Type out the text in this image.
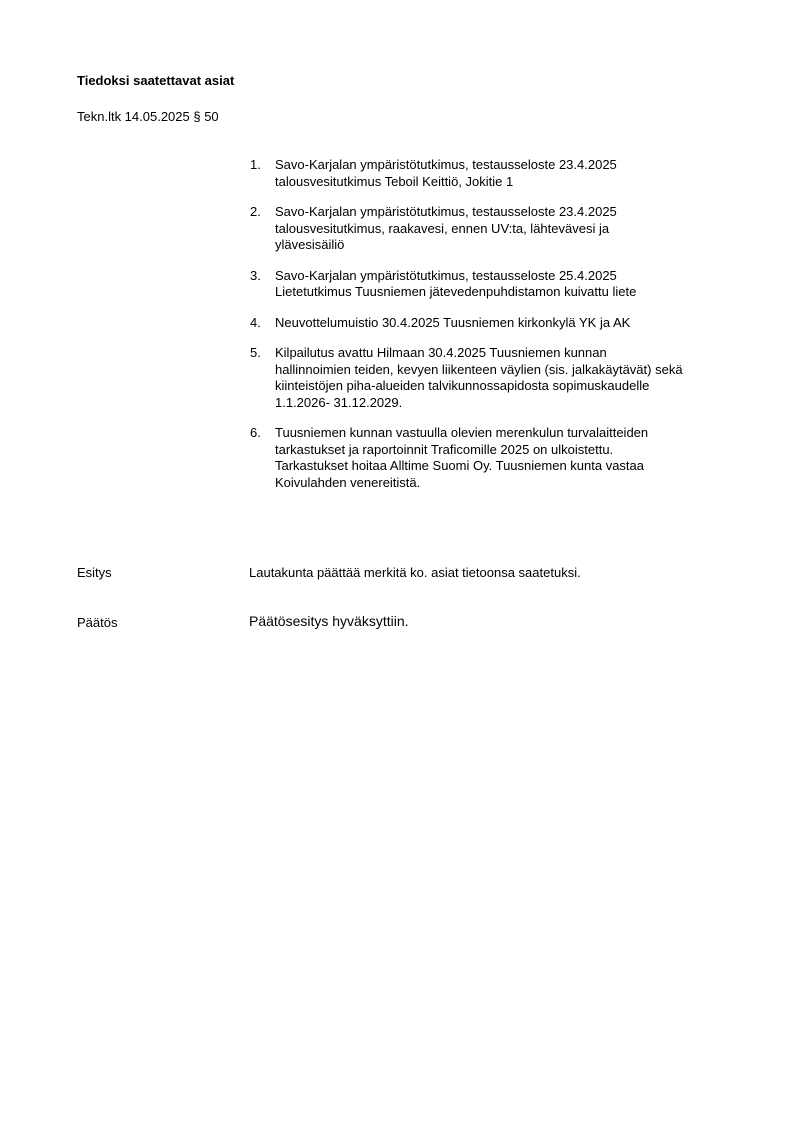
Tiedoksi saatettavat asiat
Tekn.ltk 14.05.2025 § 50
1. Savo-Karjalan ympäristötutkimus, testausseloste 23.4.2025
talousvesitutkimus Teboil Keittiö, Jokitie 1
2. Savo-Karjalan ympäristötutkimus, testausseloste 23.4.2025
talousvesitutkimus, raakavesi, ennen UV:ta, lähtevävesi ja
ylävesisäiliö
3. Savo-Karjalan ympäristötutkimus, testausseloste 25.4.2025
Lietetutkimus Tuusniemen jätevedenpuhdistamon kuivattu liete
4. Neuvottelumuistio 30.4.2025 Tuusniemen kirkonkylä YK ja AK
5. Kilpailutus avattu Hilmaan 30.4.2025 Tuusniemen kunnan
hallinnoimien teiden, kevyen liikenteen väylien (sis. jalkakäytävät) sekä
kiinteistöjen piha-alueiden talvikunnossapidosta sopimuskaudelle
1.1.2026- 31.12.2029.
6. Tuusniemen kunnan vastuulla olevien merenkulun turvalaitteiden
tarkastukset ja raportoinnit Traficomille 2025 on ulkoistettu.
Tarkastukset hoitaa Alltime Suomi Oy. Tuusniemen kunta vastaa
Koivulahden venereitistä.
Esitys	Lautakunta päättää merkitä ko. asiat tietoonsa saatetuksi.
Päätös	Päätösesitys hyväksyttiin.
